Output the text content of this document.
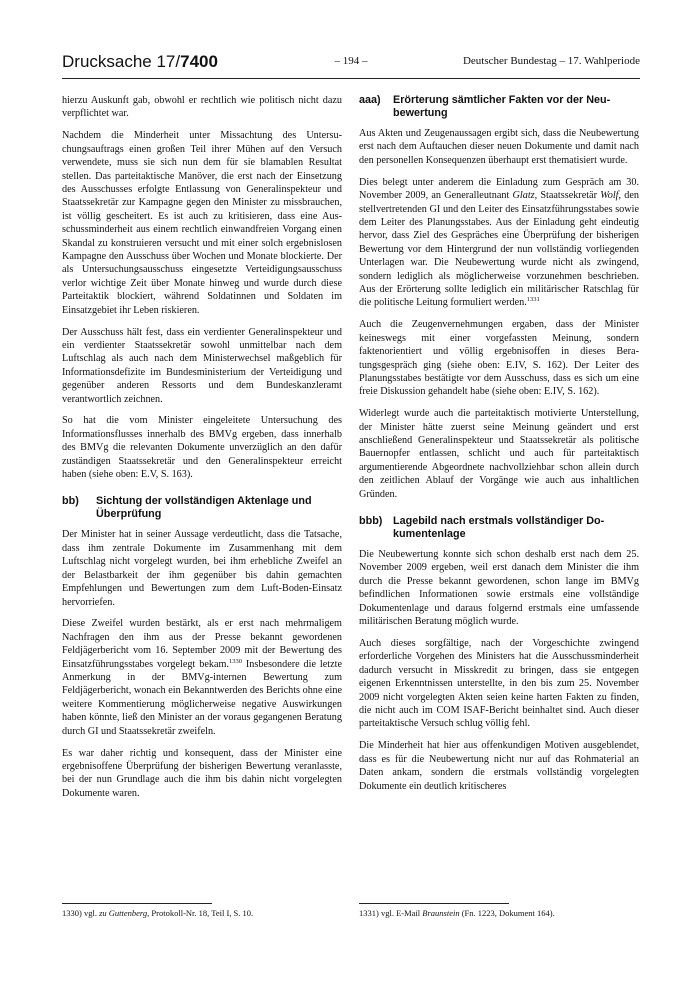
Drucksache 17/7400	– 194 –	Deutscher Bundestag – 17. Wahlperiode

hierzu Auskunft gab, obwohl er rechtlich wie politisch nicht dazu verpflichtet war.

Nachdem die Minderheit unter Missachtung des Untersuchungsauftrags einen großen Teil ihrer Mühen auf den Versuch verwendete, muss sie sich nun dem für sie blamablen Resultat stellen. Das parteitaktische Manöver, die erst nach der Einsetzung des Ausschusses erfolgte Entlassung von Generalinspekteur und Staatssekretär zur Kampagne gegen den Minister zu missbrauchen, ist völlig gescheitert. Es ist auch zu kritisieren, dass eine Ausschussminderheit aus einem rechtlich einwandfreien Vorgang einen Skandal zu konstruieren versucht und mit einer solch ergebnislosen Kampagne den Ausschuss über Wochen und Monate blockierte. Der als Untersuchungsausschuss eingesetzte Verteidigungsausschuss verlor wichtige Zeit über Monate hinweg und wurde durch diese Parteitaktik blockiert, während Soldatinnen und Soldaten im Einsatzgebiet ihr Leben riskieren.

Der Ausschuss hält fest, dass ein verdienter Generalinspekteur und ein verdienter Staatssekretär sowohl unmittelbar nach dem Luftschlag als auch nach dem Ministerwechsel maßgeblich für Informationsdefizite im Bundesministerium der Verteidigung und gegenüber anderen Ressorts und dem Bundeskanzleramt verantwortlich zeichnen.

So hat die vom Minister eingeleitete Untersuchung des Informationsflusses innerhalb des BMVg ergeben, dass innerhalb des BMVg die relevanten Dokumente unverzüglich an den dafür zuständigen Staatssekretär und den Generalinspekteur erreicht haben (siehe oben: E.V, S. 163).

bb)	Sichtung der vollständigen Aktenlage und Überprüfung

Der Minister hat in seiner Aussage verdeutlicht, dass die Tatsache, dass ihm zentrale Dokumente im Zusammenhang mit dem Luftschlag nicht vorgelegt wurden, bei ihm erhebliche Zweifel an der Belastbarkeit der ihm gegenüber bis dahin gemachten Empfehlungen und Bewertungen zum dem Luft-Boden-Einsatz hervorriefen.

Diese Zweifel wurden bestärkt, als er erst nach mehrmaligem Nachfragen den ihm aus der Presse bekannt gewordenen Feldjägerbericht vom 16. September 2009 mit der Bewertung des Einsatzführungsstabes vorgelegt bekam.$^{1330}$ Insbesondere die letzte Anmerkung in der BMVg-internen Bewertung zum Feldjägerbericht, wonach ein Bekanntwerden des Berichts ohne eine weitere Kommentierung möglicherweise negative Auswirkungen haben könnte, ließ den Minister an der voraus gegangenen Beratung durch GI und Staatssekretär zweifeln.

Es war daher richtig und konsequent, dass der Minister eine ergebnisoffene Überprüfung der bisherigen Bewertung veranlasste, bei der nun Grundlage auch die ihm bis dahin nicht vorgelegten Dokumente waren.

aaa)	Erörterung sämtlicher Fakten vor der Neubewertung

Aus Akten und Zeugenaussagen ergibt sich, dass die Neubewertung erst nach dem Auftauchen dieser neuen Dokumente und damit nach den personellen Konsequenzen überhaupt erst thematisiert wurde.

Dies belegt unter anderem die Einladung zum Gespräch am 30. November 2009, an Generalleutnant Glatz, Staatssekretär Wolf, den stellvertretenden GI und den Leiter des Einsatzführungsstabes sowie dem Leiter des Planungsstabes. Aus der Einladung geht eindeutig hervor, dass Ziel des Gespräches eine Überprüfung der bisherigen Bewertung vor dem Hintergrund der nun vollständig vorliegenden Unterlagen war. Die Neubewertung wurde nicht als zwingend, sondern lediglich als möglicherweise vorzunehmen beschrieben. Aus der Erörterung sollte lediglich ein militärischer Ratschlag für die politische Leitung formuliert werden.$^{1331}$

Auch die Zeugenvernehmungen ergaben, dass der Minister keineswegs mit einer vorgefassten Meinung, sondern faktenorientiert und völlig ergebnisoffen in dieses Beratungsgespräch ging (siehe oben: E.IV, S. 162). Der Leiter des Planungsstabes bestätigte vor dem Ausschuss, dass es sich um eine freie Diskussion gehandelt habe (siehe oben: E.IV, S. 162).

Widerlegt wurde auch die parteitaktisch motivierte Unterstellung, der Minister hätte zuerst seine Meinung geändert und erst anschließend Generalinspekteur und Staatssekretär als politische Bauernopfer entlassen, schlicht und auch für parteitaktisch argumentierende Abgeordnete nachvollziehbar schon allein durch den zeitlichen Ablauf der Vorgänge wie auch aus inhaltlichen Gründen.

bbb) Lagebild nach erstmals vollständiger Dokumentenlage

Die Neubewertung konnte sich schon deshalb erst nach dem 25. November 2009 ergeben, weil erst danach dem Minister die ihm durch die Presse bekannt gewordenen, schon lange im BMVg befindlichen Informationen sowie erstmals eine vollständige Dokumentenlage und daraus folgernd erstmals eine umfassende militärischen Beratung möglich wurde.

Auch dieses sorgfältige, nach der Vorgeschichte zwingend erforderliche Vorgehen des Ministers hat die Ausschussminderheit dadurch versucht in Misskredit zu bringen, dass sie entgegen eigenen Erkenntnissen unterstellte, in den bis zum 25. November 2009 nicht vorgelegten Akten seien keine harten Fakten zu finden, die nicht auch im COM ISAF-Bericht beinhaltet sind. Auch dieser parteitaktische Versuch schlug völlig fehl.

Die Minderheit hat hier aus offenkundigen Motiven ausgeblendet, dass es für die Neubewertung nicht nur auf das Rohmaterial an Daten ankam, sondern die erstmals vollständig vorgelegten Dokumente ein deutlich kritischeres

1330) vgl. zu Guttenberg, Protokoll-Nr. 18, Teil I, S. 10.	1331) vgl. E-Mail Braunstein (Fn. 1223, Dokument 164).
